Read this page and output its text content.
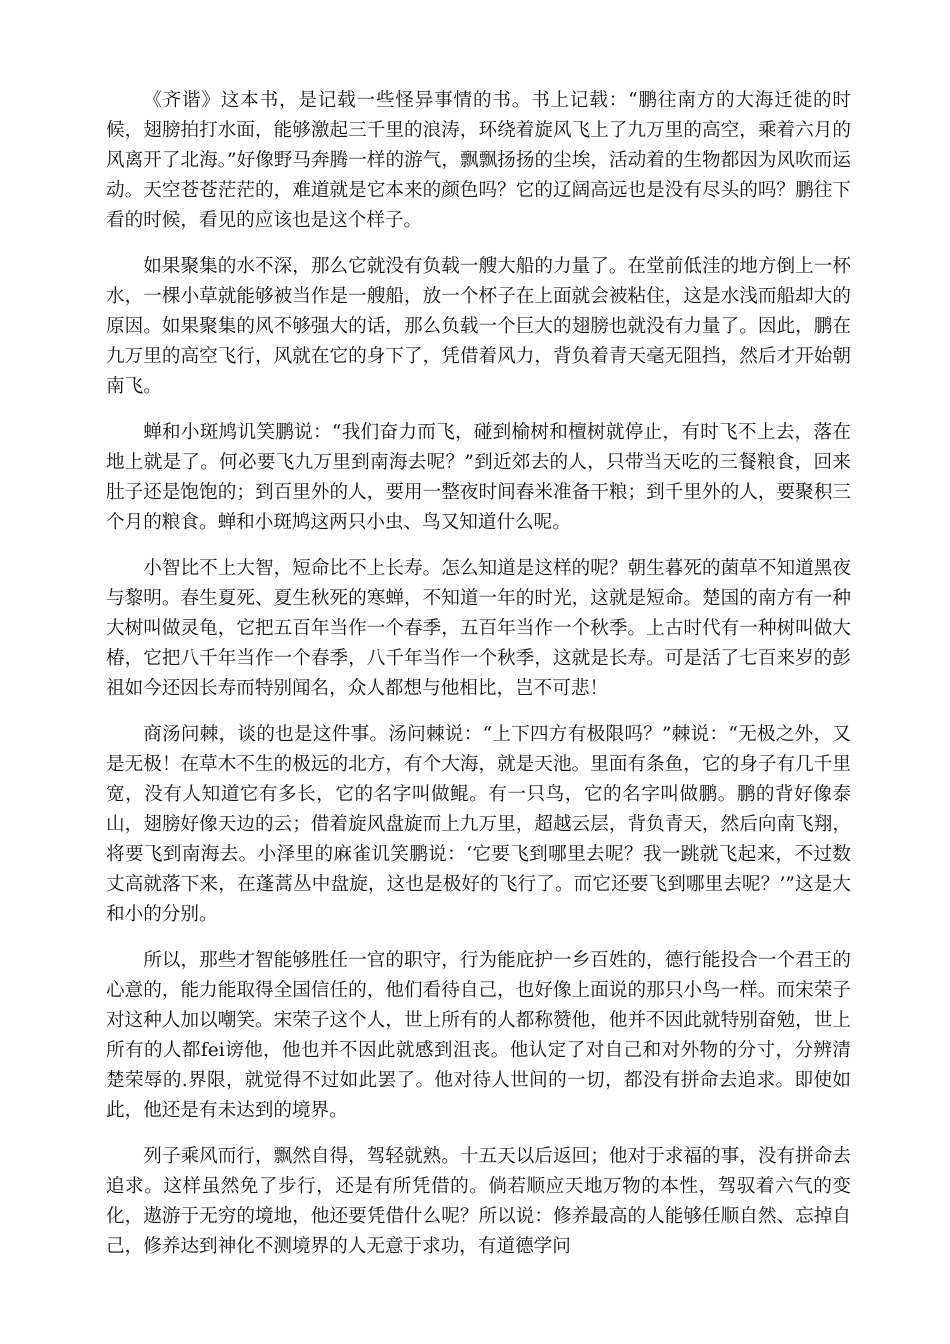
《齐谐》这本书，是记载一些怪异事情的书。书上记载：“鹏往南方的大海迁徙的时候，翅膀拍打水面，能够激起三千里的浪涛，环绕着旋风飞上了九万里的高空，乘着六月的风离开了北海。”好像野马奔腾一样的游气，飘飘扬扬的尘埃，活动着的生物都因为风吹而运动。天空苍苍茫茫的，难道就是它本来的颜色吗？它的辽阔高远也是没有尽头的吗？鹏往下看的时候，看见的应该也是这个样子。

如果聚集的水不深，那么它就没有负载一艘大船的力量了。在堂前低洼的地方倒上一杯水，一棵小草就能够被当作是一艘船，放一个杯子在上面就会被粘住，这是水浅而船却大的原因。如果聚集的风不够强大的话，那么负载一个巨大的翅膀也就没有力量了。因此，鹏在九万里的高空飞行，风就在它的身下了，凭借着风力，背负着青天毫无阻挡，然后才开始朝南飞。

蝉和小斑鸠讥笑鹏说：“我们奋力而飞，碰到榆树和檀树就停止，有时飞不上去，落在地上就是了。何必要飞九万里到南海去呢？”到近郊去的人，只带当天吃的三餐粮食，回来肚子还是饱饱的；到百里外的人，要用一整夜时间舂米准备干粮；到千里外的人，要聚积三个月的粮食。蝉和小斑鸠这两只小虫、鸟又知道什么呢。

小智比不上大智，短命比不上长寿。怎么知道是这样的呢？朝生暮死的菌草不知道黑夜与黎明。春生夏死、夏生秋死的寒蝉，不知道一年的时光，这就是短命。楚国的南方有一种大树叫做灵龟，它把五百年当作一个春季，五百年当作一个秋季。上古时代有一种树叫做大椿，它把八千年当作一个春季，八千年当作一个秋季，这就是长寿。可是活了七百来岁的彭祖如今还因长寿而特别闻名，众人都想与他相比，岂不可悲！

商汤问棘，谈的也是这件事。汤问棘说：“上下四方有极限吗？”棘说：“无极之外，又是无极！在草木不生的极远的北方，有个大海，就是天池。里面有条鱼，它的身子有几千里宽，没有人知道它有多长，它的名字叫做鲲。有一只鸟，它的名字叫做鹏。鹏的背好像泰山，翅膀好像天边的云；借着旋风盘旋而上九万里，超越云层，背负青天，然后向南飞翔，将要飞到南海去。小泽里的麻雀讥笑鹏说：‘它要飞到哪里去呢？我一跳就飞起来，不过数丈高就落下来，在蓬蒿丛中盘旋，这也是极好的飞行了。而它还要飞到哪里去呢？’”这是大和小的分别。

所以，那些才智能够胜任一官的职守，行为能庇护一乡百姓的，德行能投合一个君王的心意的，能力能取得全国信任的，他们看待自己，也好像上面说的那只小鸟一样。而宋荣子对这种人加以嘲笑。宋荣子这个人，世上所有的人都称赞他，他并不因此就特别奋勉，世上所有的人都fei谤他，他也并不因此就感到沮丧。他认定了对自己和对外物的分寸，分辨清楚荣辱的.界限，就觉得不过如此罢了。他对待人世间的一切，都没有拼命去追求。即使如此，他还是有未达到的境界。

列子乘风而行，飘然自得，驾轻就熟。十五天以后返回；他对于求福的事，没有拼命去追求。这样虽然免了步行，还是有所凭借的。倘若顺应天地万物的本性，驾驭着六气的变化，遨游于无穷的境地，他还要凭借什么呢？所以说：修养最高的人能够任顺自然、忘掉自己，修养达到神化不测境界的人无意于求功，有道德学问
